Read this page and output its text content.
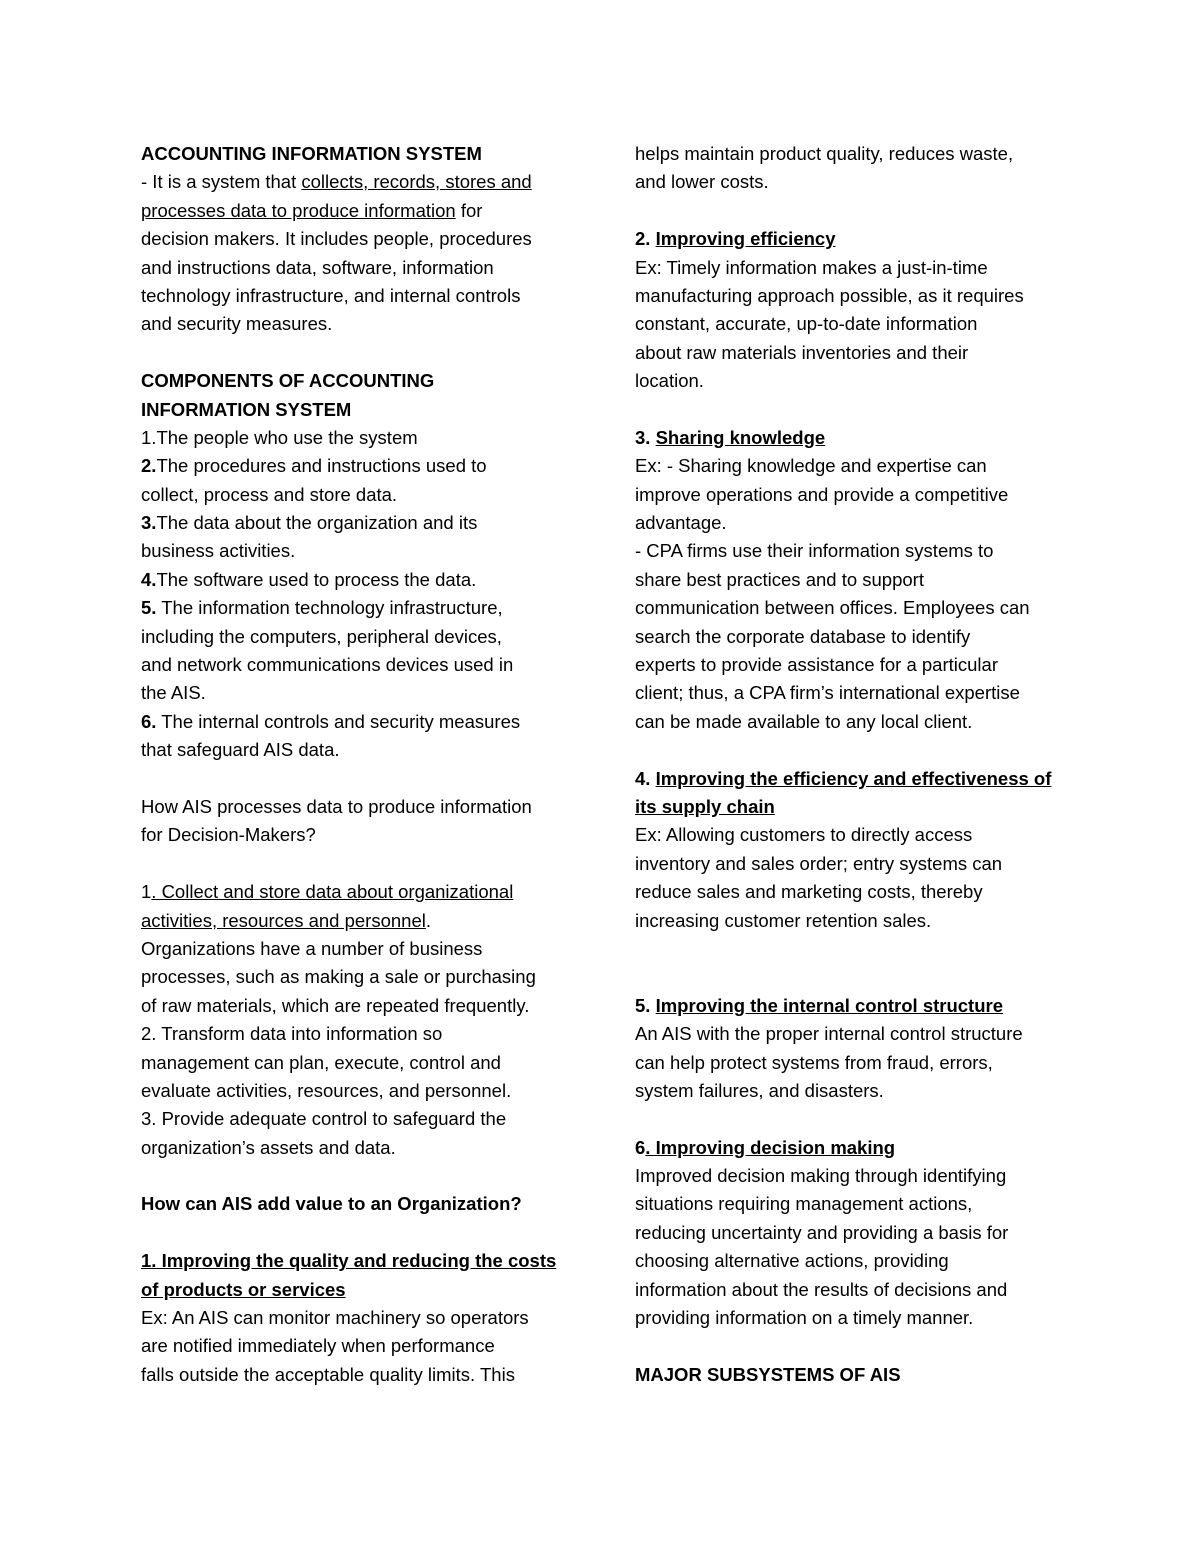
ACCOUNTING INFORMATION SYSTEM
- It is a system that collects, records, stores and
processes data to produce information for
decision makers. It includes people, procedures
and instructions data, software, information
technology infrastructure, and internal controls
and security measures.
COMPONENTS OF ACCOUNTING
INFORMATION SYSTEM
1.The people who use the system
2.The procedures and instructions used to
collect, process and store data.
3.The data about the organization and its
business activities.
4.The software used to process the data.
5. The information technology infrastructure,
including the computers, peripheral devices,
and network communications devices used in
the AIS.
6. The internal controls and security measures
that safeguard AIS data.
How AIS processes data to produce information
for Decision-Makers?
1. Collect and store data about organizational
activities, resources and personnel.
Organizations have a number of business
processes, such as making a sale or purchasing
of raw materials, which are repeated frequently.
2. Transform data into information so
management can plan, execute, control and
evaluate activities, resources, and personnel.
3. Provide adequate control to safeguard the
organization’s assets and data.
How can AIS add value to an Organization?
1. Improving the quality and reducing the costs
of products or services
Ex: An AIS can monitor machinery so operators
are notified immediately when performance
falls outside the acceptable quality limits. This
helps maintain product quality, reduces waste,
and lower costs.
2. Improving efficiency
Ex: Timely information makes a just-in-time
manufacturing approach possible, as it requires
constant, accurate, up-to-date information
about raw materials inventories and their
location.
3. Sharing knowledge
Ex: - Sharing knowledge and expertise can
improve operations and provide a competitive
advantage.
- CPA firms use their information systems to
share best practices and to support
communication between offices. Employees can
search the corporate database to identify
experts to provide assistance for a particular
client; thus, a CPA firm’s international expertise
can be made available to any local client.
4. Improving the efficiency and effectiveness of
its supply chain
Ex: Allowing customers to directly access
inventory and sales order; entry systems can
reduce sales and marketing costs, thereby
increasing customer retention sales.
5. Improving the internal control structure
An AIS with the proper internal control structure
can help protect systems from fraud, errors,
system failures, and disasters.
6. Improving decision making
Improved decision making through identifying
situations requiring management actions,
reducing uncertainty and providing a basis for
choosing alternative actions, providing
information about the results of decisions and
providing information on a timely manner.
MAJOR SUBSYSTEMS OF AIS
